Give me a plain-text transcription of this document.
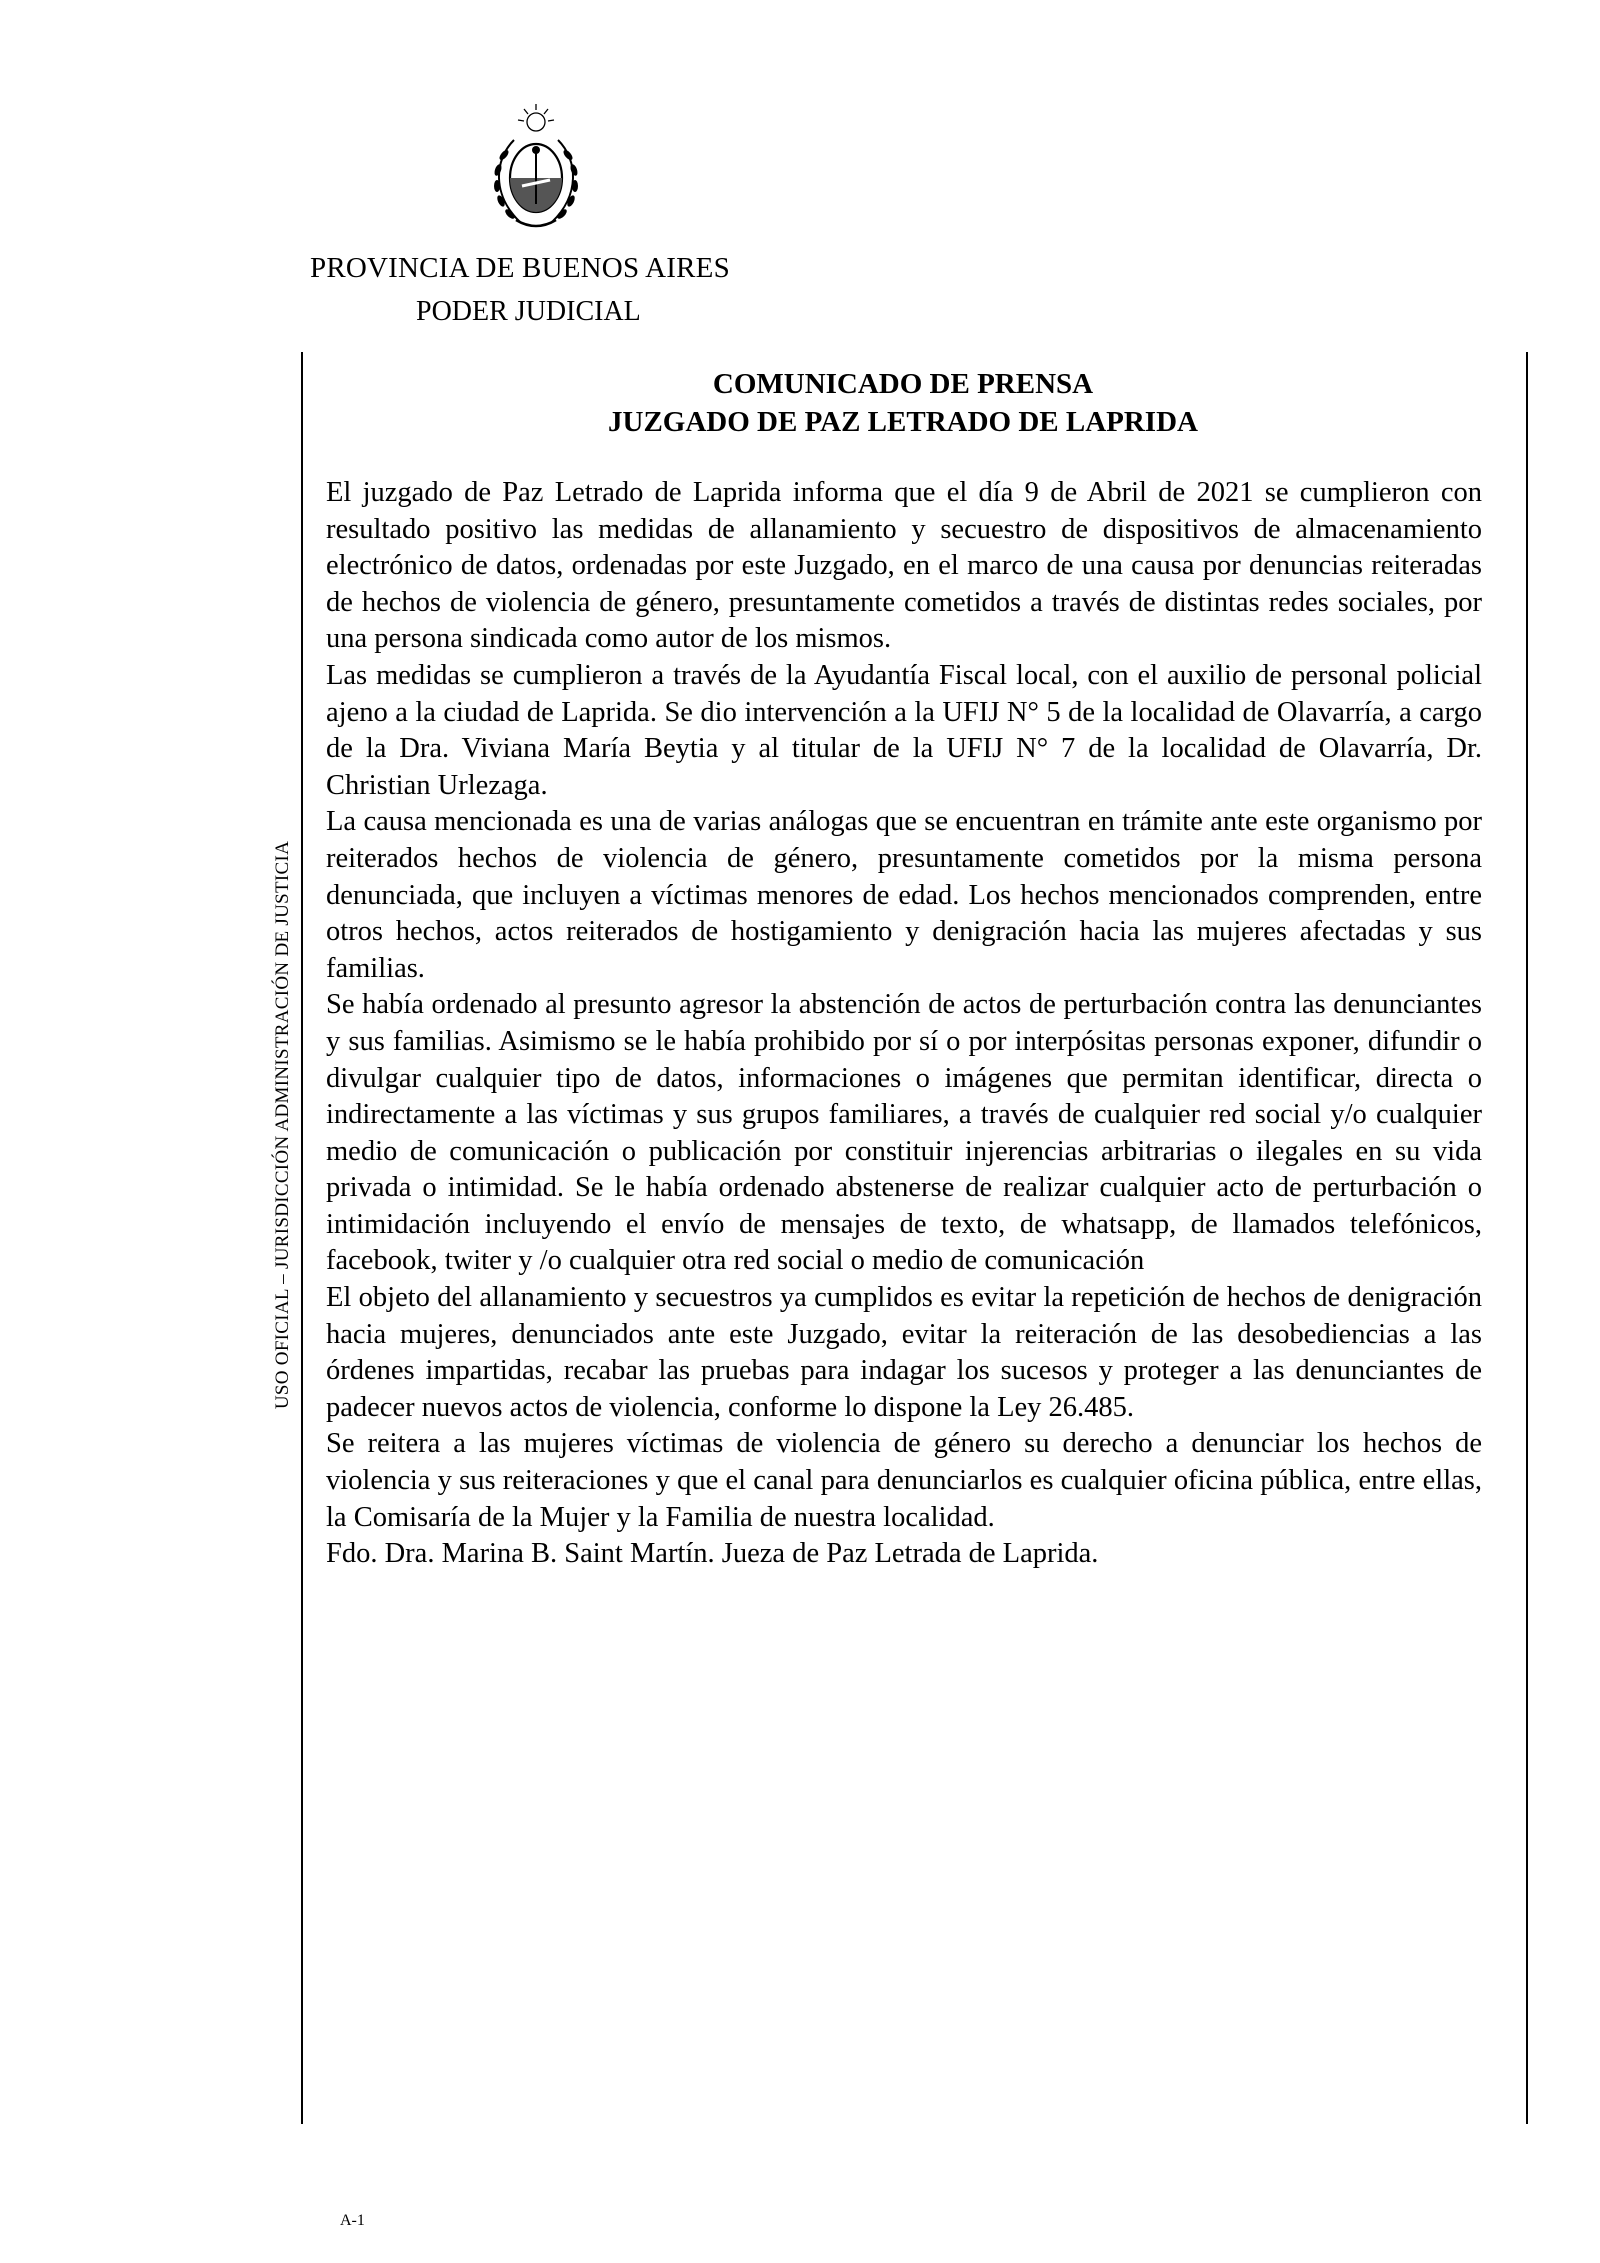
PROVINCIA DE BUENOS AIRES
PODER JUDICIAL
USO OFICIAL – JURISDICCIÓN ADMINISTRACIÓN DE JUSTICIA
COMUNICADO DE PRENSA
JUZGADO DE PAZ LETRADO DE LAPRIDA

El juzgado de Paz Letrado de Laprida informa que el día 9 de Abril de 2021 se cumplieron con resultado positivo las medidas de allanamiento y secuestro de dispositivos de almacenamiento electrónico de datos, ordenadas por este Juzgado, en el marco de una causa por denuncias reiteradas de hechos de violencia de género, presuntamente cometidos a través de distintas redes sociales, por una persona sindicada como autor de los mismos.

Las medidas se cumplieron a través de la Ayudantía Fiscal local, con el auxilio de personal policial ajeno a la ciudad de Laprida. Se dio intervención a la UFIJ N° 5 de la localidad de Olavarría, a cargo de la Dra. Viviana María Beytia y al titular de la UFIJ N° 7 de la localidad de Olavarría, Dr. Christian Urlezaga.

La causa mencionada es una de varias análogas que se encuentran en trámite ante este organismo por reiterados hechos de violencia de género, presuntamente cometidos por la misma persona denunciada, que incluyen a víctimas menores de edad. Los hechos mencionados comprenden, entre otros hechos, actos reiterados de hostigamiento y denigración hacia las mujeres afectadas y sus familias.

Se había ordenado al presunto agresor la abstención de actos de perturbación contra las denunciantes y sus familias. Asimismo se le había prohibido por sí o por interpósitas personas exponer, difundir o divulgar cualquier tipo de datos, informaciones o imágenes que permitan identificar, directa o indirectamente a las víctimas y sus grupos familiares, a través de cualquier red social y/o cualquier medio de comunicación o publicación por constituir injerencias arbitrarias o ilegales en su vida privada o intimidad. Se le había ordenado abstenerse de realizar cualquier acto de perturbación o intimidación incluyendo el envío de mensajes de texto, de whatsapp, de llamados telefónicos, facebook, twiter y /o cualquier otra red social o medio de comunicación

El objeto del allanamiento y secuestros ya cumplidos es evitar la repetición de hechos de denigración hacia mujeres, denunciados ante este Juzgado, evitar la reiteración de las desobediencias a las órdenes impartidas, recabar las pruebas para indagar los sucesos y proteger a las denunciantes de padecer nuevos actos de violencia, conforme lo dispone la Ley 26.485.

Se reitera a las mujeres víctimas de violencia de género su derecho a denunciar los hechos de violencia y sus reiteraciones y que el canal para denunciarlos es cualquier oficina pública, entre ellas, la Comisaría de la Mujer y la Familia de nuestra localidad.

Fdo. Dra. Marina B. Saint Martín. Jueza de Paz Letrada de Laprida.

A-1
